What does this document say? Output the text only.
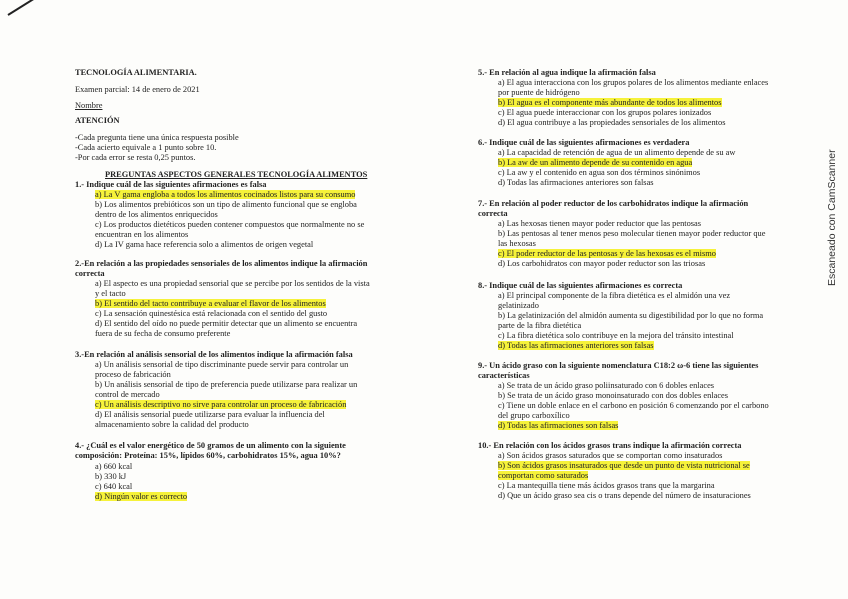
TECNOLOGÍA ALIMENTARIA.
Examen parcial: 14 de enero de 2021
Nombre
ATENCIÓN
-Cada pregunta tiene una única respuesta posible
-Cada acierto equivale a 1 punto sobre 10.
-Por cada error se resta 0,25 puntos.
PREGUNTAS ASPECTOS GENERALES TECNOLOGÍA ALIMENTOS
1.- Indique cuál de las siguientes afirmaciones es falsa
a) La V gama engloba a todos los alimentos cocinados listos para su consumo
b) Los alimentos prebióticos son un tipo de alimento funcional que se engloba
dentro de los alimentos enriquecidos
c) Los productos dietéticos pueden contener compuestos que normalmente no se
encuentran en los alimentos
d) La IV gama hace referencia solo a alimentos de origen vegetal
2.-En relación a las propiedades sensoriales de los alimentos indique la afirmación
correcta
a) El aspecto es una propiedad sensorial que se percibe por los sentidos de la vista
y el tacto
b) El sentido del tacto contribuye a evaluar el flavor de los alimentos
c) La sensación quinestésica está relacionada con el sentido del gusto
d) El sentido del oído no puede permitir detectar que un alimento se encuentra
fuera de su fecha de consumo preferente
3.-En relación al análisis sensorial de los alimentos indique la afirmación falsa
a) Un análisis sensorial de tipo discriminante puede servir para controlar un
proceso de fabricación
b) Un análisis sensorial de tipo de preferencia puede utilizarse para realizar un
control de mercado
c) Un análisis descriptivo no sirve para controlar un proceso de fabricación
d) El análisis sensorial puede utilizarse para evaluar la influencia del
almacenamiento sobre la calidad del producto
4.- ¿Cuál es el valor energético de 50 gramos de un alimento con la siguiente
composición: Proteína: 15%, lípidos 60%, carbohidratos 15%, agua 10%?
a) 660 kcal
b) 330 kJ
c) 640 kcal
d) Ningún valor es correcto
5.- En relación al agua indique la afirmación falsa
a) El agua interacciona con los grupos polares de los alimentos mediante enlaces
por puente de hidrógeno
b) El agua es el componente más abundante de todos los alimentos
c) El agua puede interaccionar con los grupos polares ionizados
d) El agua contribuye a las propiedades sensoriales de los alimentos
6.- Indique cuál de las siguientes afirmaciones es verdadera
a) La capacidad de retención de agua de un alimento depende de su aw
b) La aw de un alimento depende de su contenido en agua
c) La aw y el contenido en agua son dos términos sinónimos
d) Todas las afirmaciones anteriores son falsas
7.- En relación al poder reductor de los carbohidratos indique la afirmación
correcta
a) Las hexosas tienen mayor poder reductor que las pentosas
b) Las pentosas al tener menos peso molecular tienen mayor poder reductor que
las hexosas
c) El poder reductor de las pentosas y de las hexosas es el mismo
d) Los carbohidratos con mayor poder reductor son las triosas
8.- Indique cuál de las siguientes afirmaciones es correcta
a) El principal componente de la fibra dietética es el almidón una vez
gelatinizado
b) La gelatinización del almidón aumenta su digestibilidad por lo que no forma
parte de la fibra dietética
c) La fibra dietética solo contribuye en la mejora del tránsito intestinal
d) Todas las afirmaciones anteriores son falsas
9.- Un ácido graso con la siguiente nomenclatura C18:2 ω-6 tiene las siguientes
características
a) Se trata de un ácido graso poliinsaturado con 6 dobles enlaces
b) Se trata de un ácido graso monoinsaturado con dos dobles enlaces
c) Tiene un doble enlace en el carbono en posición 6 comenzando por el carbono
del grupo carboxílico
d) Todas las afirmaciones son falsas
10.- En relación con los ácidos grasos trans indique la afirmación correcta
a) Son ácidos grasos saturados que se comportan como insaturados
b) Son ácidos grasos insaturados que desde un punto de vista nutricional se
comportan como saturados
c) La mantequilla tiene más ácidos grasos trans que la margarina
d) Que un ácido graso sea cis o trans depende del número de insaturaciones
Escaneado con CamScanner
